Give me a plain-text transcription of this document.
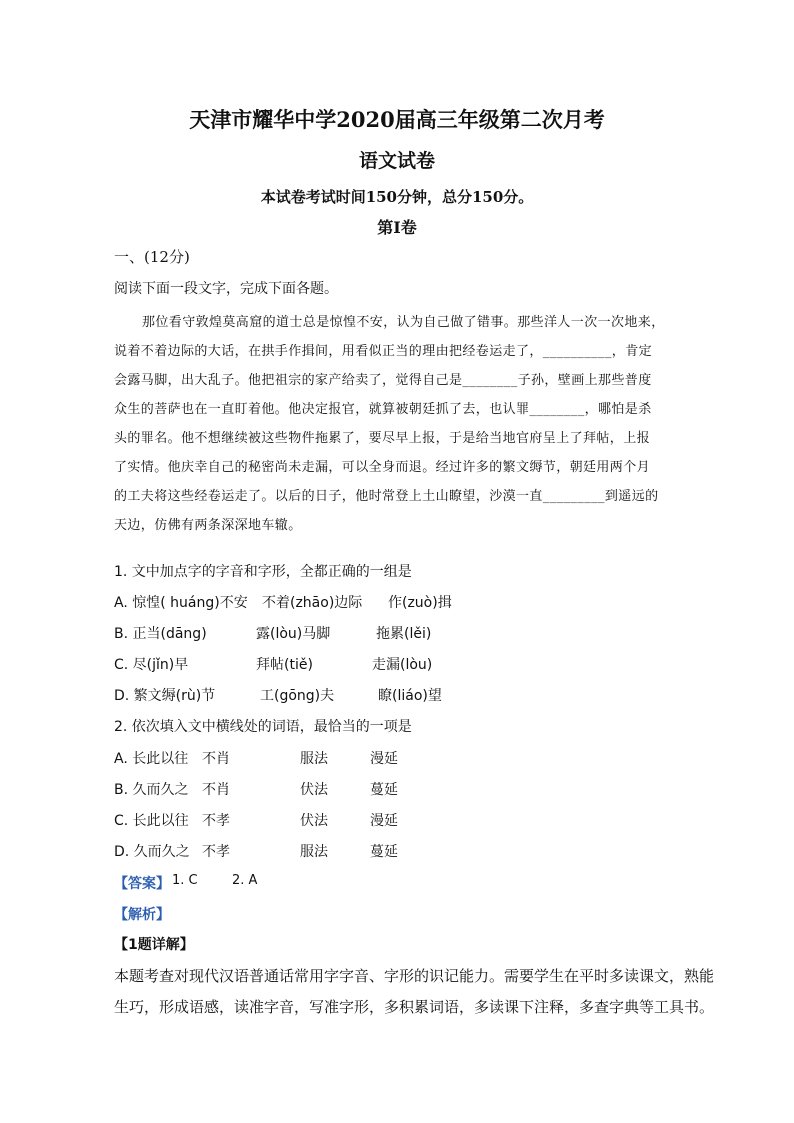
天津市耀华中学2020届高三年级第二次月考
语文试卷
本试卷考试时间150分钟，总分150分。
第Ⅰ卷
一、(12分)
阅读下面一段文字，完成下面各题。
那位看守敦煌莫高窟的道士总是惊惶不安，认为自己做了错事。那些洋人一次一次地来，
说着不着边际的大话，在拱手作揖间，用看似正当的理由把经卷运走了，__________，肯定
会露马脚，出大乱子。他把祖宗的家产给卖了，觉得自己是________子孙，壁画上那些普度
众生的菩萨也在一直盯着他。他决定报官，就算被朝廷抓了去，也认罪________，哪怕是杀
头的罪名。他不想继续被这些物件拖累了，要尽早上报，于是给当地官府呈上了拜帖，上报
了实情。他庆幸自己的秘密尚未走漏，可以全身而退。经过许多的繁文缛节，朝廷用两个月
的工夫将这些经卷运走了。以后的日子，他时常登上土山瞭望，沙漠一直_________到遥远的
天边，仿佛有两条深深地车辙。
1. 文中加点字的字音和字形，全都正确的一组是
A. 惊惶( huáng)不安 不着(zhāo)边际 作(zuò)揖
B. 正当(dāng)	露(lòu)马脚	拖累(lěi)
C. 尽(jǐn)早	拜帖(tiě)	走漏(lòu)
D. 繁文缛(rù)节	工(gōng)夫	瞭(liáo)望
2. 依次填入文中横线处的词语，最恰当的一项是
A. 长此以往 不肖	服法	漫延
B. 久而久之 不肖	伏法	蔓延
C. 长此以往 不孝	伏法	漫延
D. 久而久之 不孝	服法	蔓延
【答案】 1. C	2. A
【解析】
【1题详解】
本题考查对现代汉语普通话常用字字音、字形的识记能力。需要学生在平时多读课文，熟能
生巧，形成语感，读准字音，写准字形，多积累词语，多读课下注释，多查字典等工具书。
